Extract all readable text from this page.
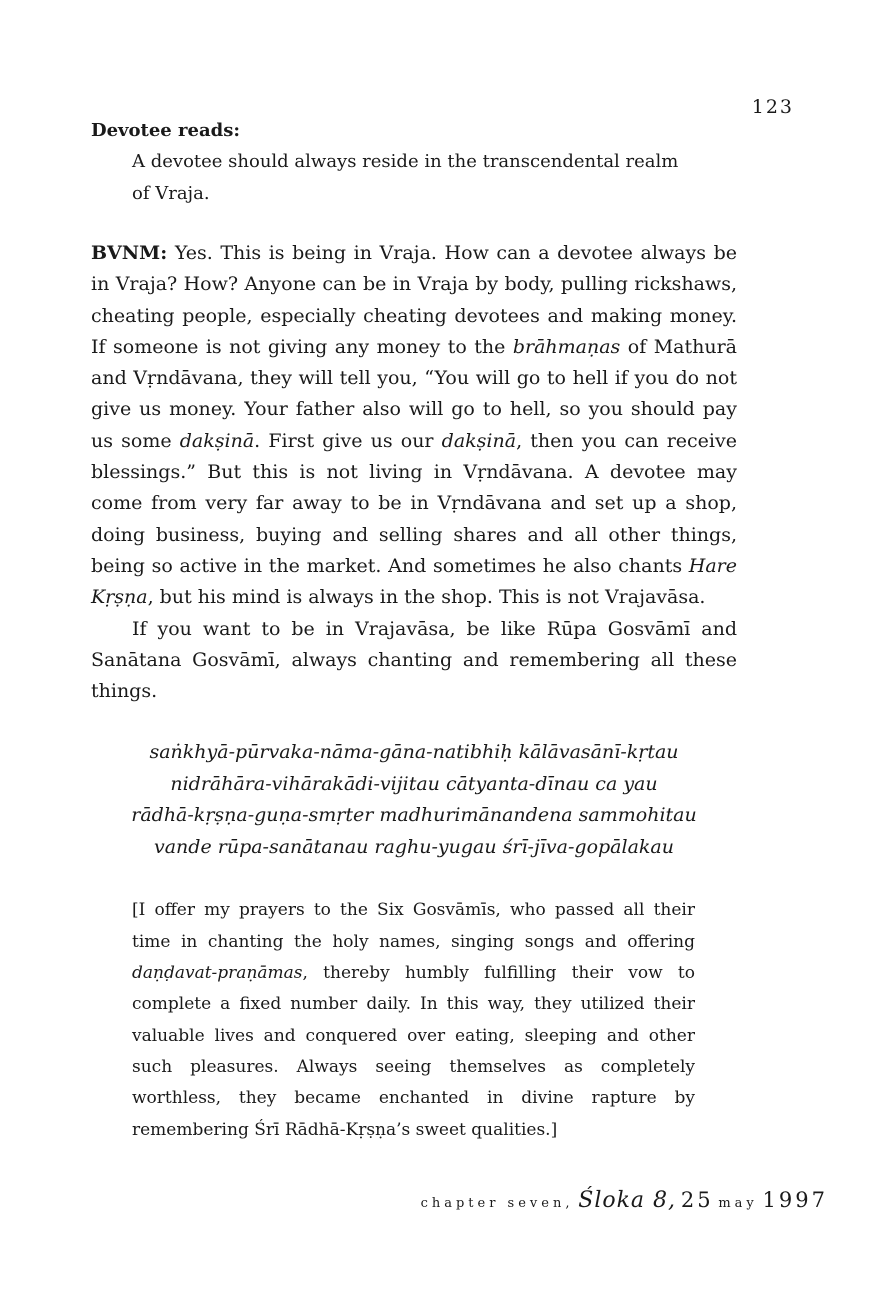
123
Devotee reads:
A devotee should always reside in the transcendental realm
of Vraja.

BVNM: Yes. This is being in Vraja. How can a devotee always be in Vraja? How? Anyone can be in Vraja by body, pulling rickshaws, cheating people, especially cheating devotees and making money. If someone is not giving any money to the brāhmaṇas of Mathurā and Vṛndāvana, they will tell you, “You will go to hell if you do not give us money. Your father also will go to hell, so you should pay us some dakṣinā. First give us our dakṣinā, then you can receive blessings.” But this is not living in Vṛndāvana. A devotee may come from very far away to be in Vṛndāvana and set up a shop, doing business, buying and selling shares and all other things, being so active in the market. And sometimes he also chants Hare Kṛṣṇa, but his mind is always in the shop. This is not Vrajavāsa.

If you want to be in Vrajavāsa, be like Rūpa Gosvāmī and Sanātana Gosvāmī, always chanting and remembering all these things.

saṅkhyā-pūrvaka-nāma-gāna-natibhiḥ kālāvasānī-kṛtau
nidrāhāra-vihārakādi-vijitau cātyanta-dīnau ca yau
rādhā-kṛṣṇa-guṇa-smṛter madhurimānandena sammohitau
vande rūpa-sanātanau raghu-yugau śrī-jīva-gopālakau
[I offer my prayers to the Six Gosvāmīs, who passed all their time in chanting the holy names, singing songs and offering daṇḍavat-praṇāmas, thereby humbly fulfilling their vow to complete a fixed number daily. In this way, they utilized their valuable lives and conquered over eating, sleeping and other such pleasures. Always seeing themselves as completely worthless, they became enchanted in divine rapture by remembering Śrī Rādhā-Kṛṣṇa’s sweet qualities.]
chapter seven, Śloka 8, 25 may 1997
